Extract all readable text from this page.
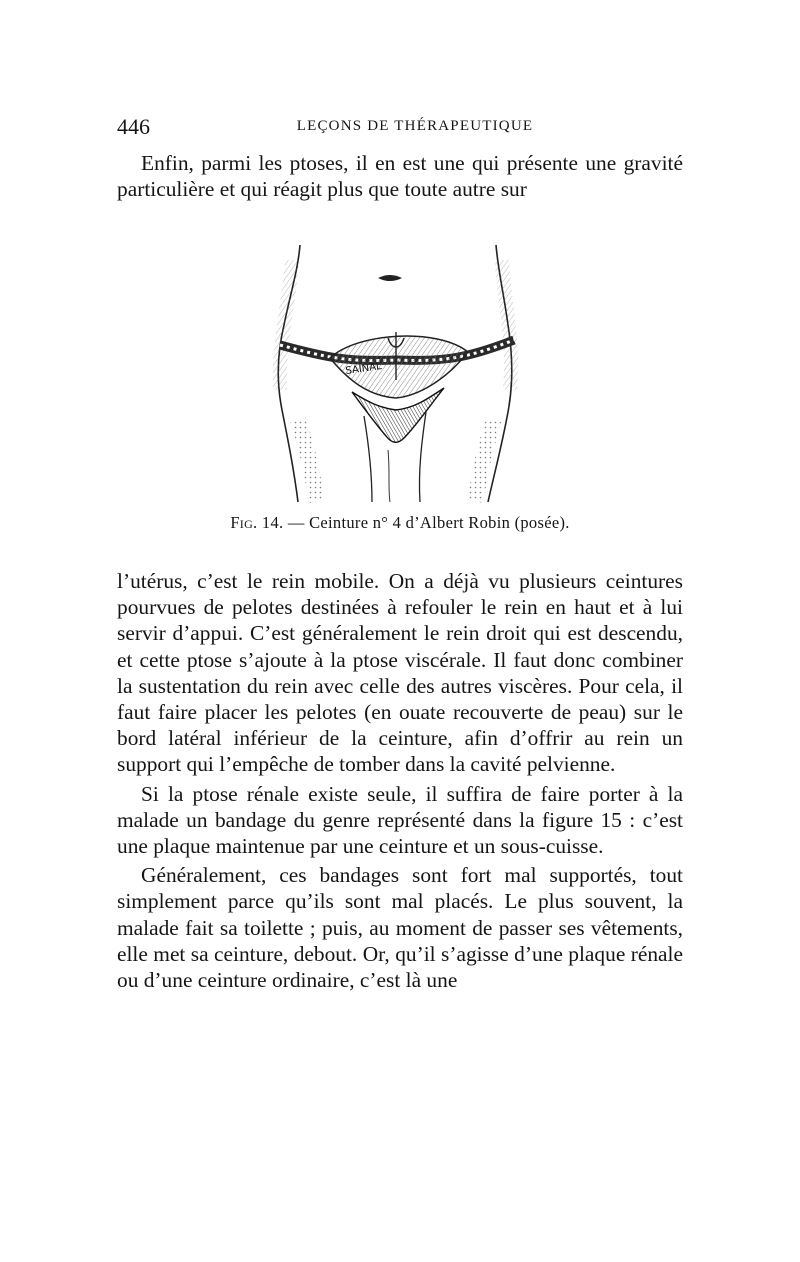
446	LEÇONS DE THÉRAPEUTIQUE

Enfin, parmi les ptoses, il en est une qui présente une gravité particulière et qui réagit plus que toute autre sur

SAINAL
Fig. 14. — Ceinture n° 4 d’Albert Robin (posée).

l’utérus, c’est le rein mobile. On a déjà vu plusieurs ceintures pourvues de pelotes destinées à refouler le rein en haut et à lui servir d’appui. C’est généralement le rein droit qui est descendu, et cette ptose s’ajoute à la ptose viscérale. Il faut donc combiner la sustentation du rein avec celle des autres viscères. Pour cela, il faut faire placer les pelotes (en ouate recouverte de peau) sur le bord latéral inférieur de la ceinture, afin d’offrir au rein un support qui l’empêche de tomber dans la cavité pelvienne.

Si la ptose rénale existe seule, il suffira de faire porter à la malade un bandage du genre représenté dans la figure 15 : c’est une plaque maintenue par une ceinture et un sous-cuisse.

Généralement, ces bandages sont fort mal supportés, tout simplement parce qu’ils sont mal placés. Le plus souvent, la malade fait sa toilette ; puis, au moment de passer ses vêtements, elle met sa ceinture, debout. Or, qu’il s’agisse d’une plaque rénale ou d’une ceinture ordinaire, c’est là une
